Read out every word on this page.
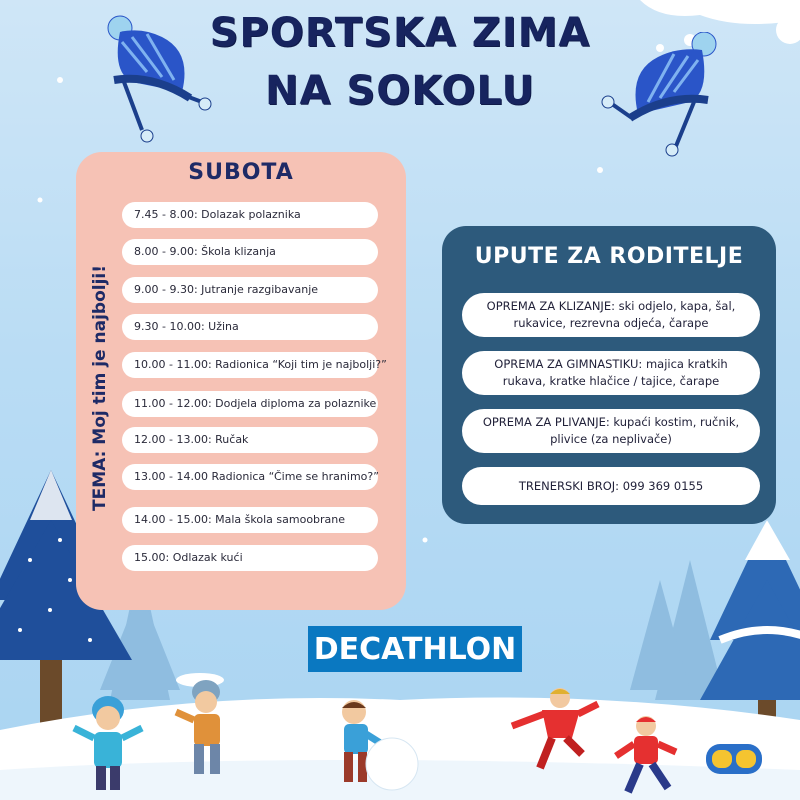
SPORTSKA ZIMA
NA SOKOLU
SUBOTA
TEMA: Moj tim je najbolji!
7.45 - 8.00: Dolazak polaznika
8.00 - 9.00: Škola klizanja
9.00 - 9.30: Jutranje razgibavanje
9.30 - 10.00: Užina
10.00 - 11.00: Radionica “Koji tim je najbolji?”
11.00 - 12.00: Dodjela diploma za polaznike
12.00 - 13.00: Ručak
13.00 - 14.00 Radionica “Čime se hranimo?”
14.00 - 15.00: Mala škola samoobrane
15.00: Odlazak kući
UPUTE ZA RODITELJE
OPREMA ZA KLIZANJE: ski odjelo, kapa, šal, rukavice, rezrevna odjeća, čarape
OPREMA ZA GIMNASTIKU: majica kratkih rukava, kratke hlačice / tajice, čarape
OPREMA ZA PLIVANJE: kupaći kostim, ručnik, plivice (za neplivače)
TRENERSKI BROJ: 099 369 0155
DECATHLON
